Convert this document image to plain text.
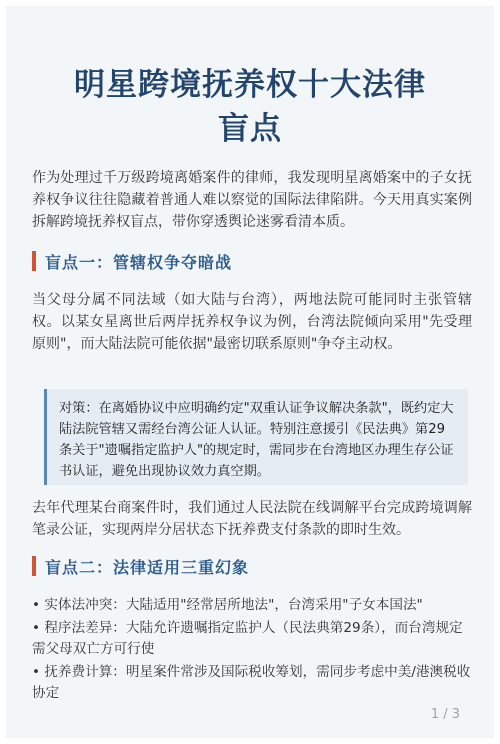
明星跨境抚养权十大法律
盲点
作为处理过千万级跨境离婚案件的律师，我发现明星离婚案中的子女抚养权争议往往隐藏着普通人难以察觉的国际法律陷阱。今天用真实案例拆解跨境抚养权盲点，带你穿透舆论迷雾看清本质。
盲点一：管辖权争夺暗战
当父母分属不同法域（如大陆与台湾），两地法院可能同时主张管辖权。以某女星离世后两岸抚养权争议为例，台湾法院倾向采用"先受理原则"，而大陆法院可能依据"最密切联系原则"争夺主动权。
对策：在离婚协议中应明确约定"双重认证争议解决条款"，既约定大陆法院管辖又需经台湾公证人认证。特别注意援引《民法典》第29条关于"遗嘱指定监护人"的规定时，需同步在台湾地区办理生存公证书认证，避免出现协议效力真空期。
去年代理某台商案件时，我们通过人民法院在线调解平台完成跨境调解笔录公证，实现两岸分居状态下抚养费支付条款的即时生效。
盲点二：法律适用三重幻象
• 实体法冲突：大陆适用"经常居所地法"，台湾采用"子女本国法"
• 程序法差异：大陆允许遗嘱指定监护人（民法典第29条），而台湾规定需父母双亡方可行使
• 抚养费计算：明星案件常涉及国际税收筹划，需同步考虑中美/港澳税收协定
1 / 3
